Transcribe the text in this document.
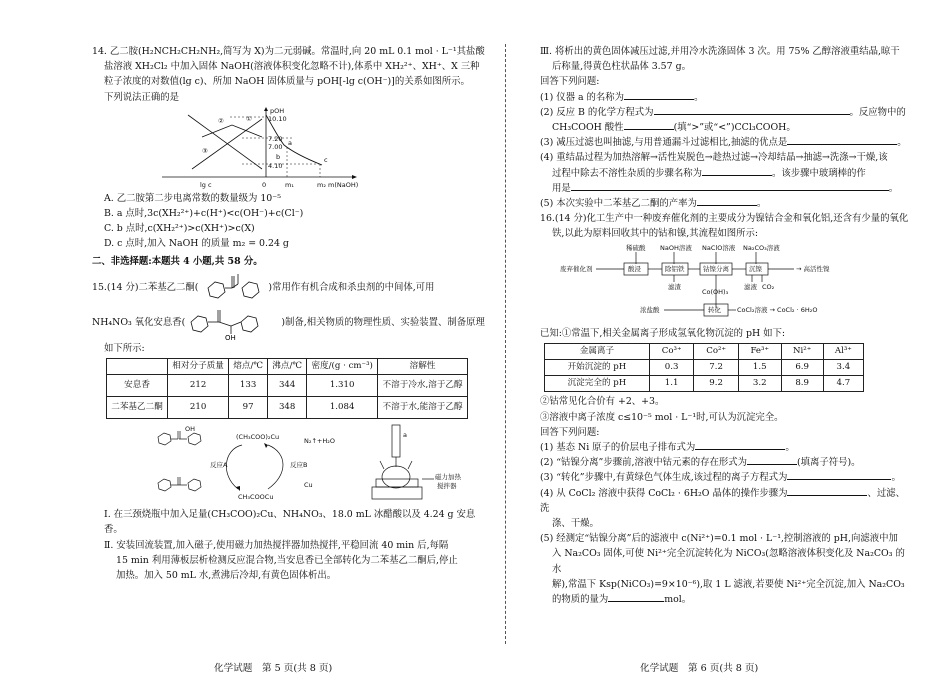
14. 乙二胺(H₂NCH₂CH₂NH₂,简写为 X)为二元弱碱。常温时,向 20 mL 0.1 mol · L⁻¹其盐酸

盐溶液 XH₂Cl₂ 中加入固体 NaOH(溶液体积变化忽略不计),体系中 XH₂²⁺、XH⁺、X 三种

粒子浓度的对数值(lg c)、所加 NaOH 固体质量与 pOH[-lg c(OH⁻)]的关系如图所示。

下列说法正确的是

pOH
m(NaOH)
lg c	0	m₁	m₂
10.10
7.20
7.00
4.10
①
②
③
a
b	c

A. 乙二胺第二步电离常数的数量级为 10⁻⁵

B. a 点时,3c(XH₂²⁺)+c(H⁺)<c(OH⁻)+c(Cl⁻)

C. b 点时,c(XH₂²⁺)>c(XH⁺)>c(X)

D. c 点时,加入 NaOH 的质量 m₂ = 0.24 g

二、非选择题:本题共 4 小题,共 58 分。

15.(14 分)二苯基乙二酮(	)常用作有机合成和杀虫剂的中间体,可用
NH₄NO₃ 氧化安息香(
OH
)制备,相关物质的物理性质、实验装置、制备原理

如下所示:

	相对分子质量	熔点/℃	沸点/℃	密度/(g · cm⁻³)	溶解性
安息香	212	133	344	1.310	不溶于冷水,溶于乙醇
二苯基乙二酮	210	97	348	1.084	不溶于水,能溶于乙醇
OH
(CH₃COO)₂Cu
CH₃COOCu
反应A	反应B
N₂↑+H₂O
Cu
a
磁力加热
搅拌器

Ⅰ. 在三颈烧瓶中加入足量(CH₃COO)₂Cu、NH₄NO₃、18.0 mL 冰醋酸以及 4.24 g 安息香。

Ⅱ. 安装回流装置,加入磁子,使用磁力加热搅拌器加热搅拌,平稳回流 40 min 后,每隔

15 min 利用薄板层析检测反应混合物,当安息香已全部转化为二苯基乙二酮后,停止

加热。加入 50 mL 水,煮沸后冷却,有黄色固体析出。

Ⅲ. 将析出的黄色固体减压过滤,并用冷水洗涤固体 3 次。用 75% 乙醇溶液重结晶,晾干

后称量,得黄色柱状晶体 3.57 g。

回答下列问题:

(1) 仪器 a 的名称为	。

(2) 反应 B 的化学方程式为	。反应物中的

CH₃COOH 酸性	(填“>”或“<”)CCl₃COOH。

(3) 减压过滤也叫抽滤,与用普通漏斗过滤相比,抽滤的优点是	。

(4) 重结晶过程为加热溶解→活性炭脱色→趁热过滤→冷却结晶→抽滤→洗涤→干燥,该

过程中除去不溶性杂质的步骤名称为	。该步骤中玻璃棒的作

用是	。

(5) 本次实验中二苯基乙二酮的产率为	。

16.(14 分)化工生产中一种废弃催化剂的主要成分为镍钴合金和氧化铝,还含有少量的氧化

铁,以此为原料回收其中的钴和镍,其流程如图所示:

稀硫酸 NaOH溶液 NaClO溶液 Na₂CO₃溶液
废弃催化剂	酸浸	除铝铁	钴镍分离	沉镍	→ 高活性镍
滤渣	滤液 CO₂
Co(OH)₃
浓盐酸	转化 CoCl₂溶液 → CoCl₂ · 6H₂O

已知:①常温下,相关金属离子形成氢氧化物沉淀的 pH 如下:

金属离子	Co³⁺	Co²⁺	Fe³⁺	Ni²⁺	Al³⁺
开始沉淀的 pH	0.3	7.2	1.5	6.9	3.4
沉淀完全的 pH	1.1	9.2	3.2	8.9	4.7

②钴常见化合价有 +2、+3。

③溶液中离子浓度 c≤10⁻⁵ mol · L⁻¹时,可认为沉淀完全。

回答下列问题:

(1) 基态 Ni 原子的价层电子排布式为	。

(2) “钴镍分离”步骤前,溶液中钴元素的存在形式为	(填离子符号)。

(3) “转化”步骤中,有黄绿色气体生成,该过程的离子方程式为	。

(4) 从 CoCl₂ 溶液中获得 CoCl₂ · 6H₂O 晶体的操作步骤为	、过滤、洗

涤、干燥。

(5) 经测定“钴镍分离”后的滤液中 c(Ni²⁺)=0.1 mol · L⁻¹,控制溶液的 pH,向滤液中加

入 Na₂CO₃ 固体,可使 Ni²⁺完全沉淀转化为 NiCO₃(忽略溶液体积变化及 Na₂CO₃ 的水

解),常温下 Ksp(NiCO₃)=9×10⁻⁶),取 1 L 滤液,若要使 Ni²⁺完全沉淀,加入 Na₂CO₃

的物质的量为	mol。

化学试题　第 5 页(共 8 页)	化学试题　第 6 页(共 8 页)
